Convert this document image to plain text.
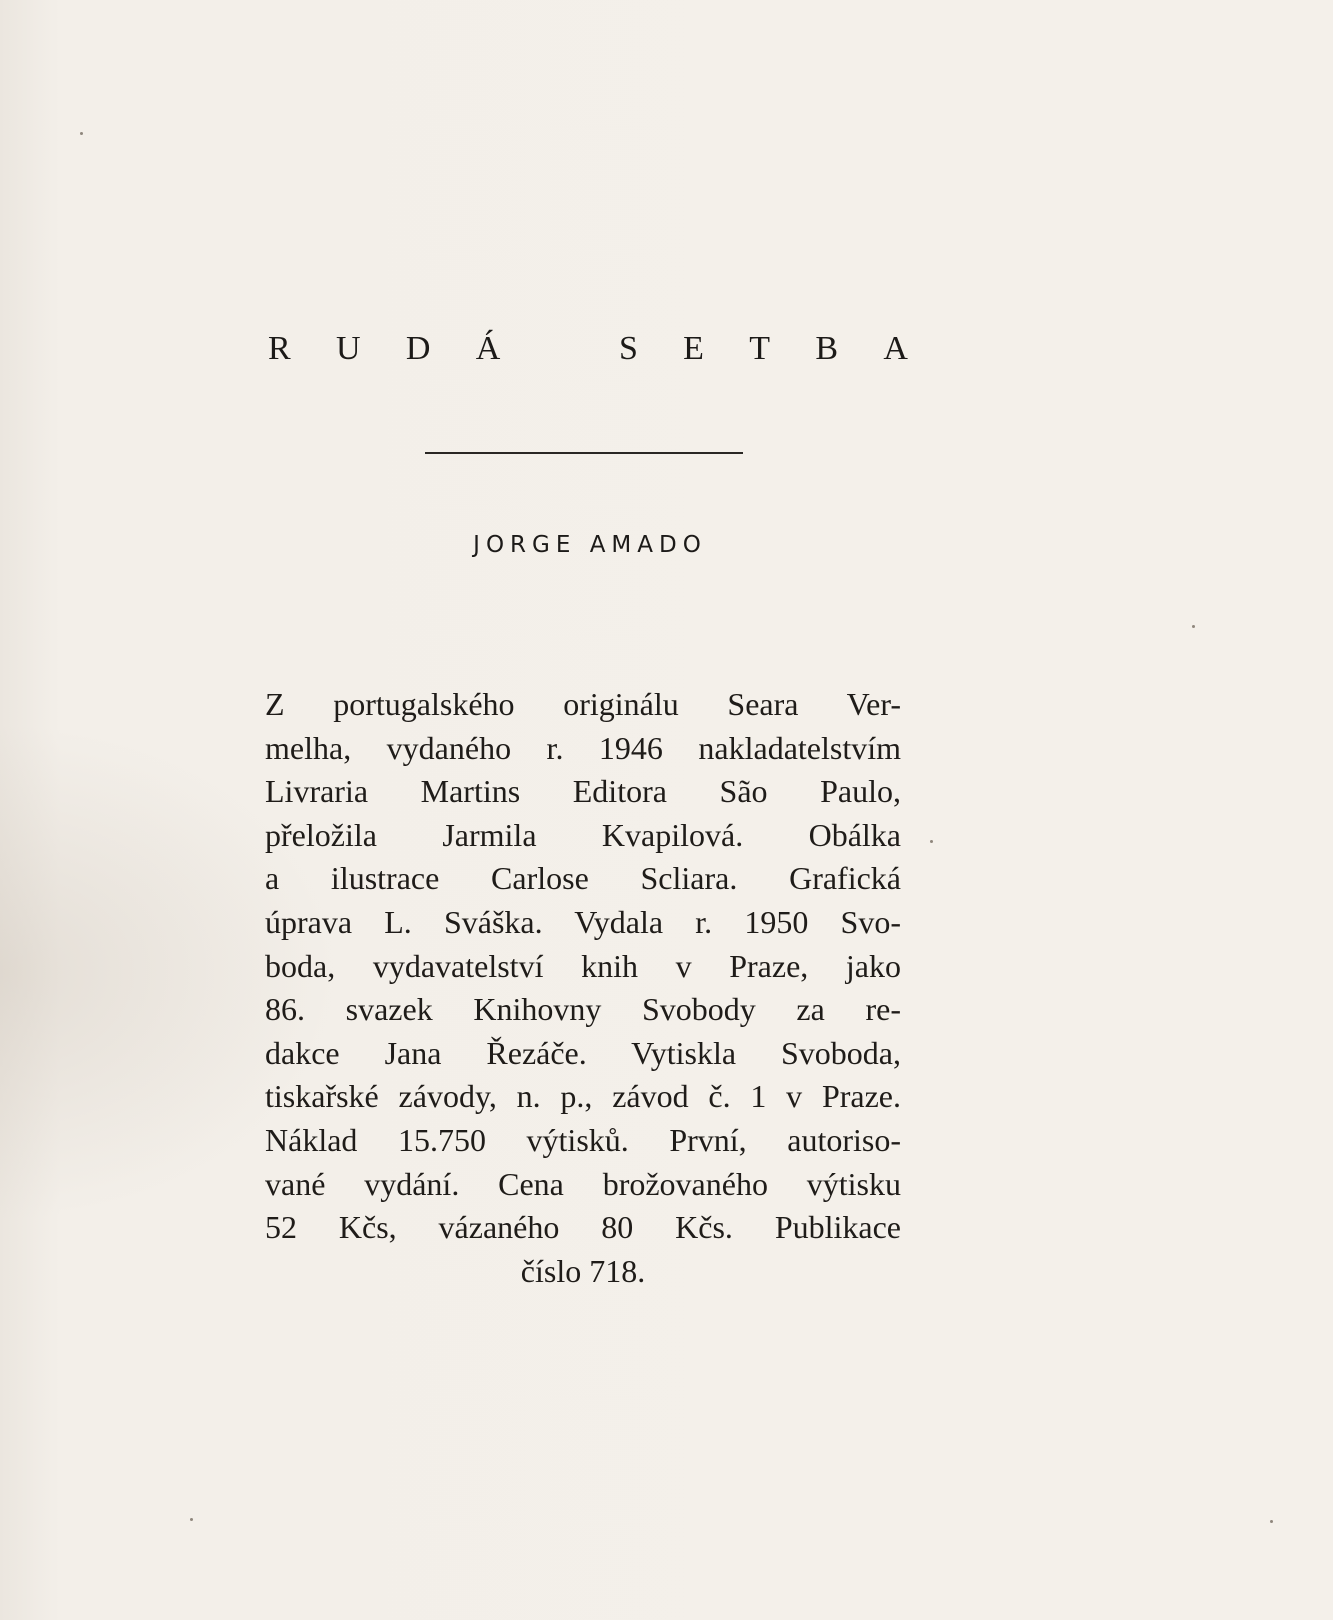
R U D Á	S E T B A
JORGE AMADO
Z portugalského originálu Seara Ver-
melha, vydaného r. 1946 nakladatelstvím
Livraria Martins Editora São Paulo,
přeložila Jarmila Kvapilová. Obálka
a ilustrace Carlose Scliara. Grafická
úprava L. Sváška. Vydala r. 1950 Svo-
boda, vydavatelství knih v Praze, jako
86. svazek Knihovny Svobody za re-
dakce Jana Řezáče. Vytiskla Svoboda,
tiskařské závody, n. p., závod č. 1 v Praze.
Náklad 15.750 výtisků. První, autoriso-
vané vydání. Cena brožovaného výtisku
52 Kčs, vázaného 80 Kčs. Publikace
číslo 718.
